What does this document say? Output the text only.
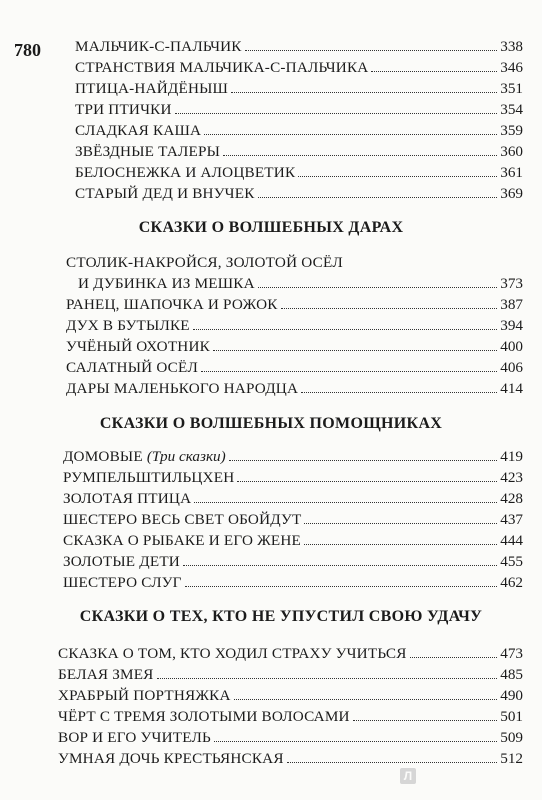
780 МАЛЬЧИК-С-ПАЛЬЧИК	338
СТРАНСТВИЯ МАЛЬЧИКА-С-ПАЛЬЧИКА	346
ПТИЦА-НАЙДЁНЫШ	351
ТРИ ПТИЧКИ	354
СЛАДКАЯ КАША	359
ЗВЁЗДНЫЕ ТАЛЕРЫ	360
БЕЛОСНЕЖКА И АЛОЦВЕТИК	361
СТАРЫЙ ДЕД И ВНУЧЕК	369
СКАЗКИ О ВОЛШЕБНЫХ ДАРАХ
СТОЛИК-НАКРОЙСЯ, ЗОЛОТОЙ ОСЁЛ
И ДУБИНКА ИЗ МЕШКА	373
РАНЕЦ, ШАПОЧКА И РОЖОК	387
ДУХ В БУТЫЛКЕ	394
УЧЁНЫЙ ОХОТНИК	400
САЛАТНЫЙ ОСЁЛ	406
ДАРЫ МАЛЕНЬКОГО НАРОДЦА	414
СКАЗКИ О ВОЛШЕБНЫХ ПОМОЩНИКАХ
ДОМОВЫЕ (Три сказки)	419
РУМПЕЛЬШТИЛЬЦХЕН	423
ЗОЛОТАЯ ПТИЦА	428
ШЕСТЕРО ВЕСЬ СВЕТ ОБОЙДУТ	437
СКАЗКА О РЫБАКЕ И ЕГО ЖЕНЕ	444
ЗОЛОТЫЕ ДЕТИ	455
ШЕСТЕРО СЛУГ	462
СКАЗКИ О ТЕХ, КТО НЕ УПУСТИЛ СВОЮ УДАЧУ
СКАЗКА О ТОМ, КТО ХОДИЛ СТРАХУ УЧИТЬСЯ	473
БЕЛАЯ ЗМЕЯ	485
ХРАБРЫЙ ПОРТНЯЖКА	490
ЧЁРТ С ТРЕМЯ ЗОЛОТЫМИ ВОЛОСАМИ	501
ВОР И ЕГО УЧИТЕЛЬ	509
УМНАЯ ДОЧЬ КРЕСТЬЯНСКАЯ	512
Л
